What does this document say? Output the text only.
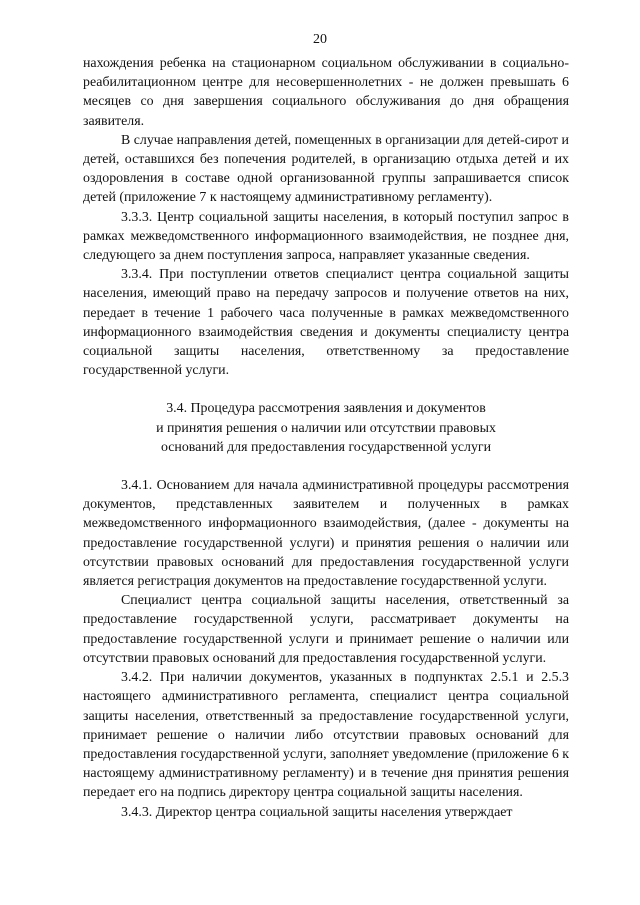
20

нахождения ребенка на стационарном социальном обслуживании в социально-реабилитационном центре для несовершеннолетних - не должен превышать 6 месяцев со дня завершения социального обслуживания до дня обращения заявителя.

В случае направления детей, помещенных в организации для детей-сирот и детей, оставшихся без попечения родителей, в организацию отдыха детей и их оздоровления в составе одной организованной группы запрашивается список детей (приложение 7 к настоящему административному регламенту).

3.3.3. Центр социальной защиты населения, в который поступил запрос в рамках межведомственного информационного взаимодействия, не позднее дня, следующего за днем поступления запроса, направляет указанные сведения.

3.3.4. При поступлении ответов специалист центра социальной защиты населения, имеющий право на передачу запросов и получение ответов на них, передает в течение 1 рабочего часа полученные в рамках межведомственного информационного взаимодействия сведения и документы специалисту центра социальной защиты населения, ответственному за предоставление государственной услуги.

3.4. Процедура рассмотрения заявления и документов
и принятия решения о наличии или отсутствии правовых
оснований для предоставления государственной услуги

3.4.1. Основанием для начала административной процедуры рассмотрения документов, представленных заявителем и полученных в рамках межведомственного информационного взаимодействия, (далее - документы на предоставление государственной услуги) и принятия решения о наличии или отсутствии правовых оснований для предоставления государственной услуги является регистрация документов на предоставление государственной услуги.

Специалист центра социальной защиты населения, ответственный за предоставление государственной услуги, рассматривает документы на предоставление государственной услуги и принимает решение о наличии или отсутствии правовых оснований для предоставления государственной услуги.

3.4.2. При наличии документов, указанных в подпунктах 2.5.1 и 2.5.3 настоящего административного регламента, специалист центра социальной защиты населения, ответственный за предоставление государственной услуги, принимает решение о наличии либо отсутствии правовых оснований для предоставления государственной услуги, заполняет уведомление (приложение 6 к настоящему административному регламенту) и в течение дня принятия решения передает его на подпись директору центра социальной защиты населения.

3.4.3. Директор центра социальной защиты населения утверждает
